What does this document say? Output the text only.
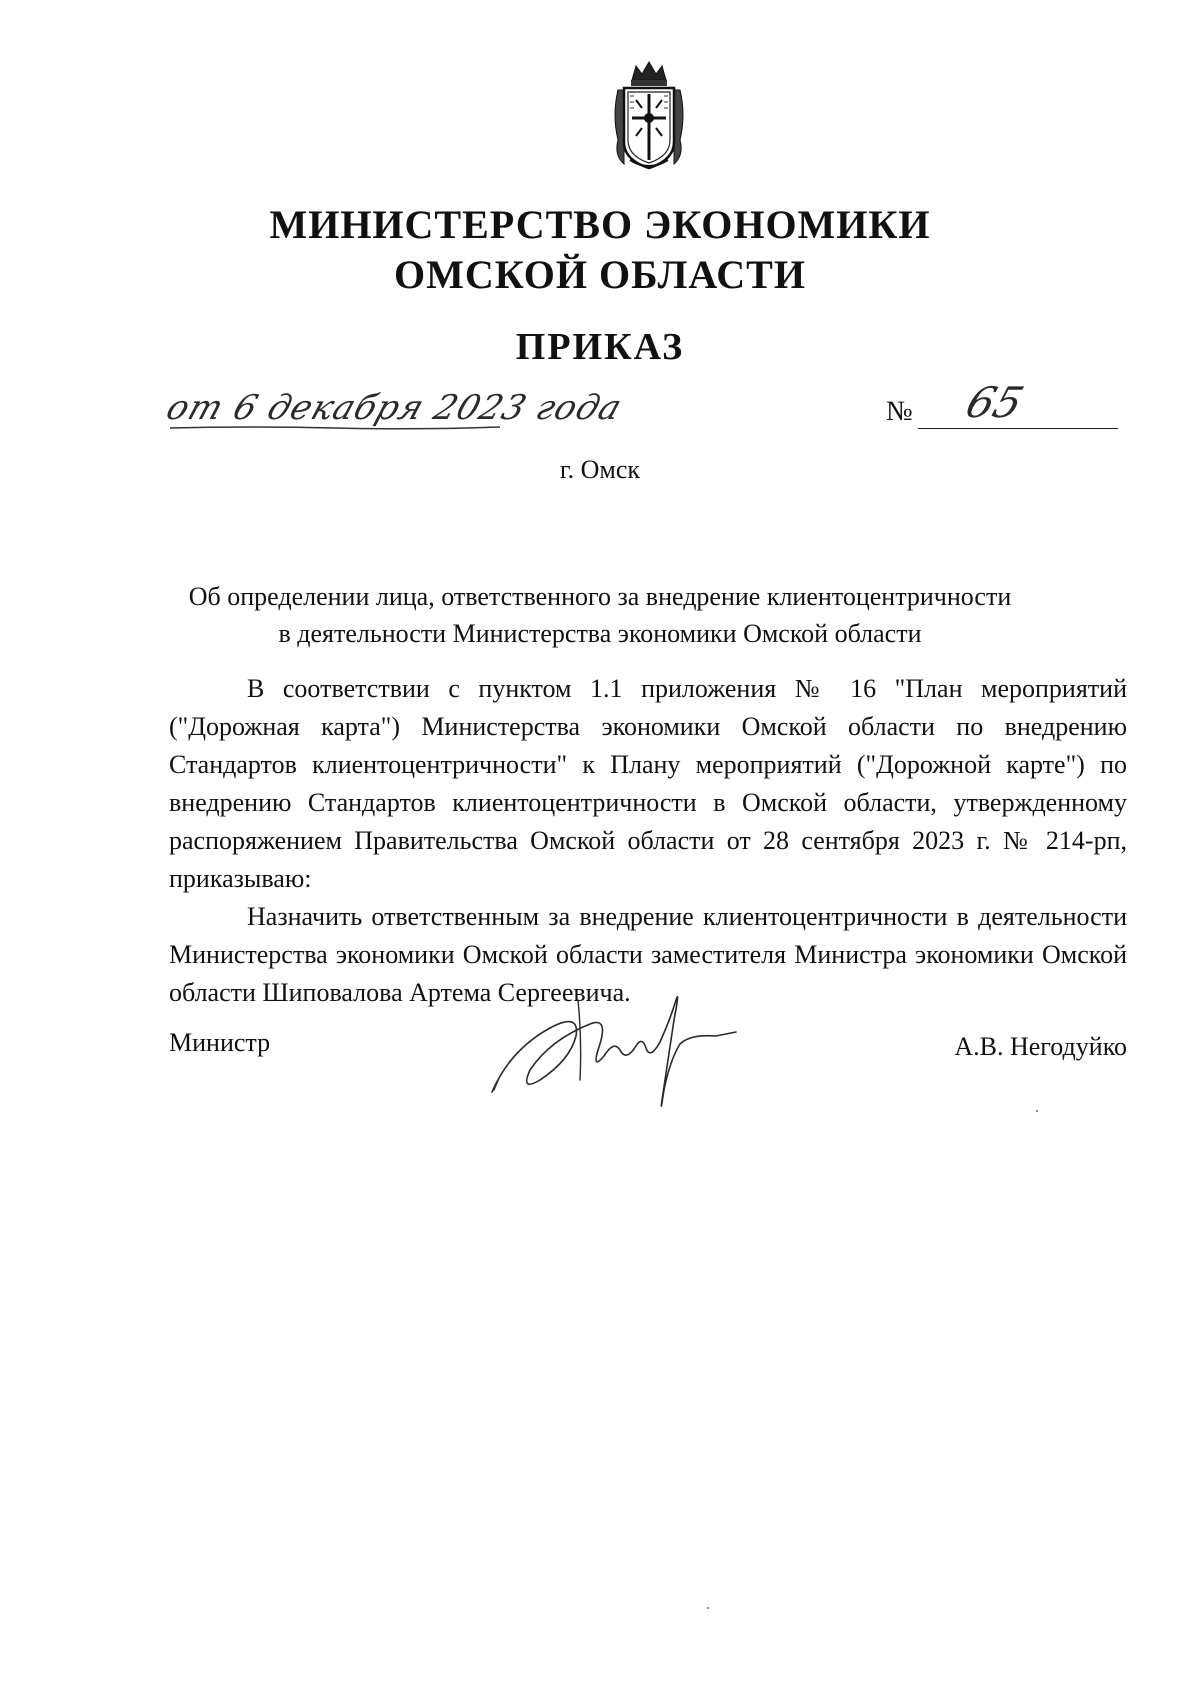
МИНИСТЕРСТВО ЭКОНОМИКИ
ОМСКОЙ ОБЛАСТИ
ПРИКАЗ
от 6 декабря 2023 года	№ 65
г. Омск
Об определении лица, ответственного за внедрение клиентоцентричности
в деятельности Министерства экономики Омской области

В соответствии с пунктом 1.1 приложения № 16 "План мероприятий ("Дорожная карта") Министерства экономики Омской области по внедрению Стандартов клиентоцентричности" к Плану мероприятий ("Дорожной карте") по внедрению Стандартов клиентоцентричности в Омской области, утвержденному распоряжением Правительства Омской области от 28 сентября 2023 г. № 214-рп, приказываю:

Назначить ответственным за внедрение клиентоцентричности в деятельности Министерства экономики Омской области заместителя Министра экономики Омской области Шиповалова Артема Сергеевича.

Министр	А.В. Негодуйко
